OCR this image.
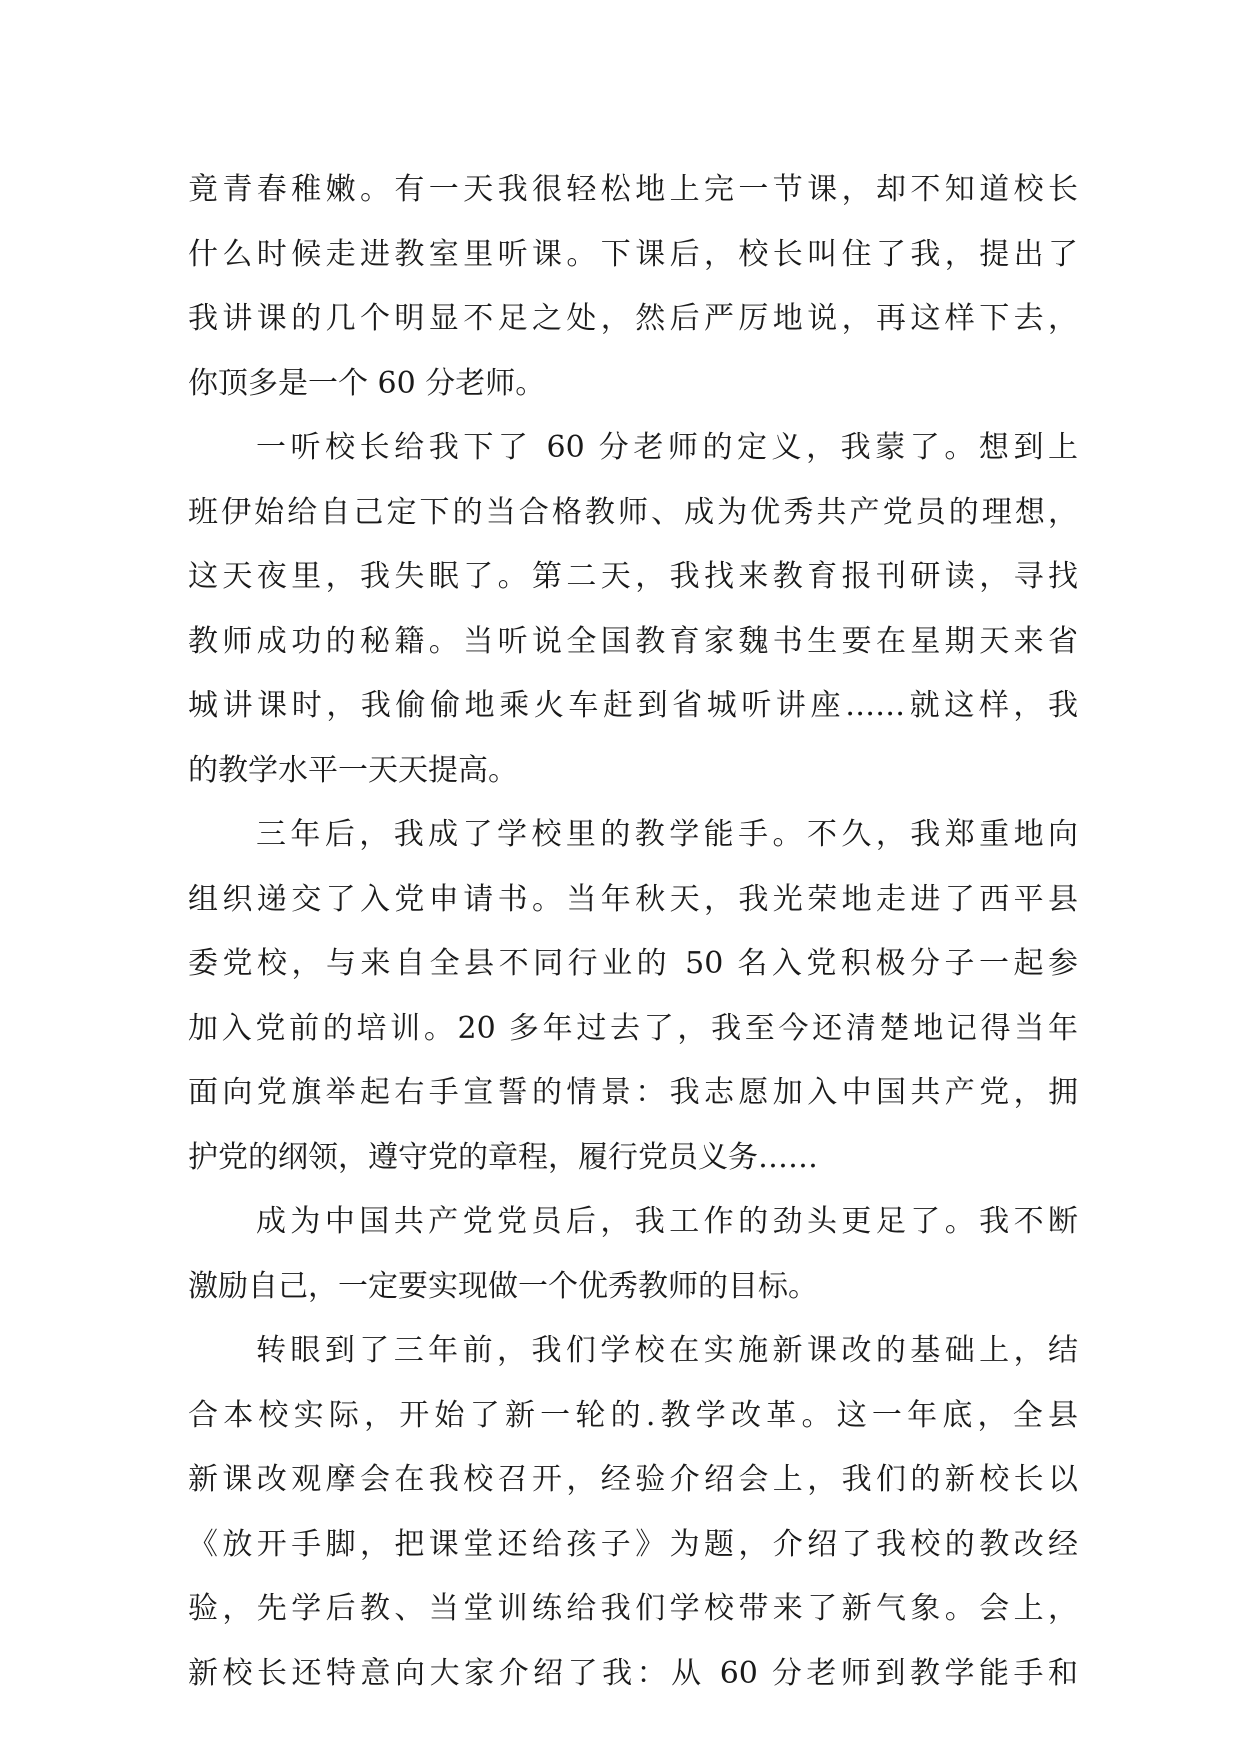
竟青春稚嫩。有一天我很轻松地上完一节课，却不知道校长
什么时候走进教室里听课。下课后，校长叫住了我，提出了
我讲课的几个明显不足之处，然后严厉地说，再这样下去，
你顶多是一个 60 分老师。
一听校长给我下了 60 分老师的定义，我蒙了。想到上
班伊始给自己定下的当合格教师、成为优秀共产党员的理想，
这天夜里，我失眠了。第二天，我找来教育报刊研读，寻找
教师成功的秘籍。当听说全国教育家魏书生要在星期天来省
城讲课时，我偷偷地乘火车赶到省城听讲座……就这样，我
的教学水平一天天提高。
三年后，我成了学校里的教学能手。不久，我郑重地向
组织递交了入党申请书。当年秋天，我光荣地走进了西平县
委党校，与来自全县不同行业的 50 名入党积极分子一起参
加入党前的培训。20 多年过去了，我至今还清楚地记得当年
面向党旗举起右手宣誓的情景：我志愿加入中国共产党，拥
护党的纲领，遵守党的章程，履行党员义务……
成为中国共产党党员后，我工作的劲头更足了。我不断
激励自己，一定要实现做一个优秀教师的目标。
转眼到了三年前，我们学校在实施新课改的基础上，结
合本校实际，开始了新一轮的.教学改革。这一年底，全县
新课改观摩会在我校召开，经验介绍会上，我们的新校长以
《放开手脚，把课堂还给孩子》为题，介绍了我校的教改经
验，先学后教、当堂训练给我们学校带来了新气象。会上，
新校长还特意向大家介绍了我：从 60 分老师到教学能手和
